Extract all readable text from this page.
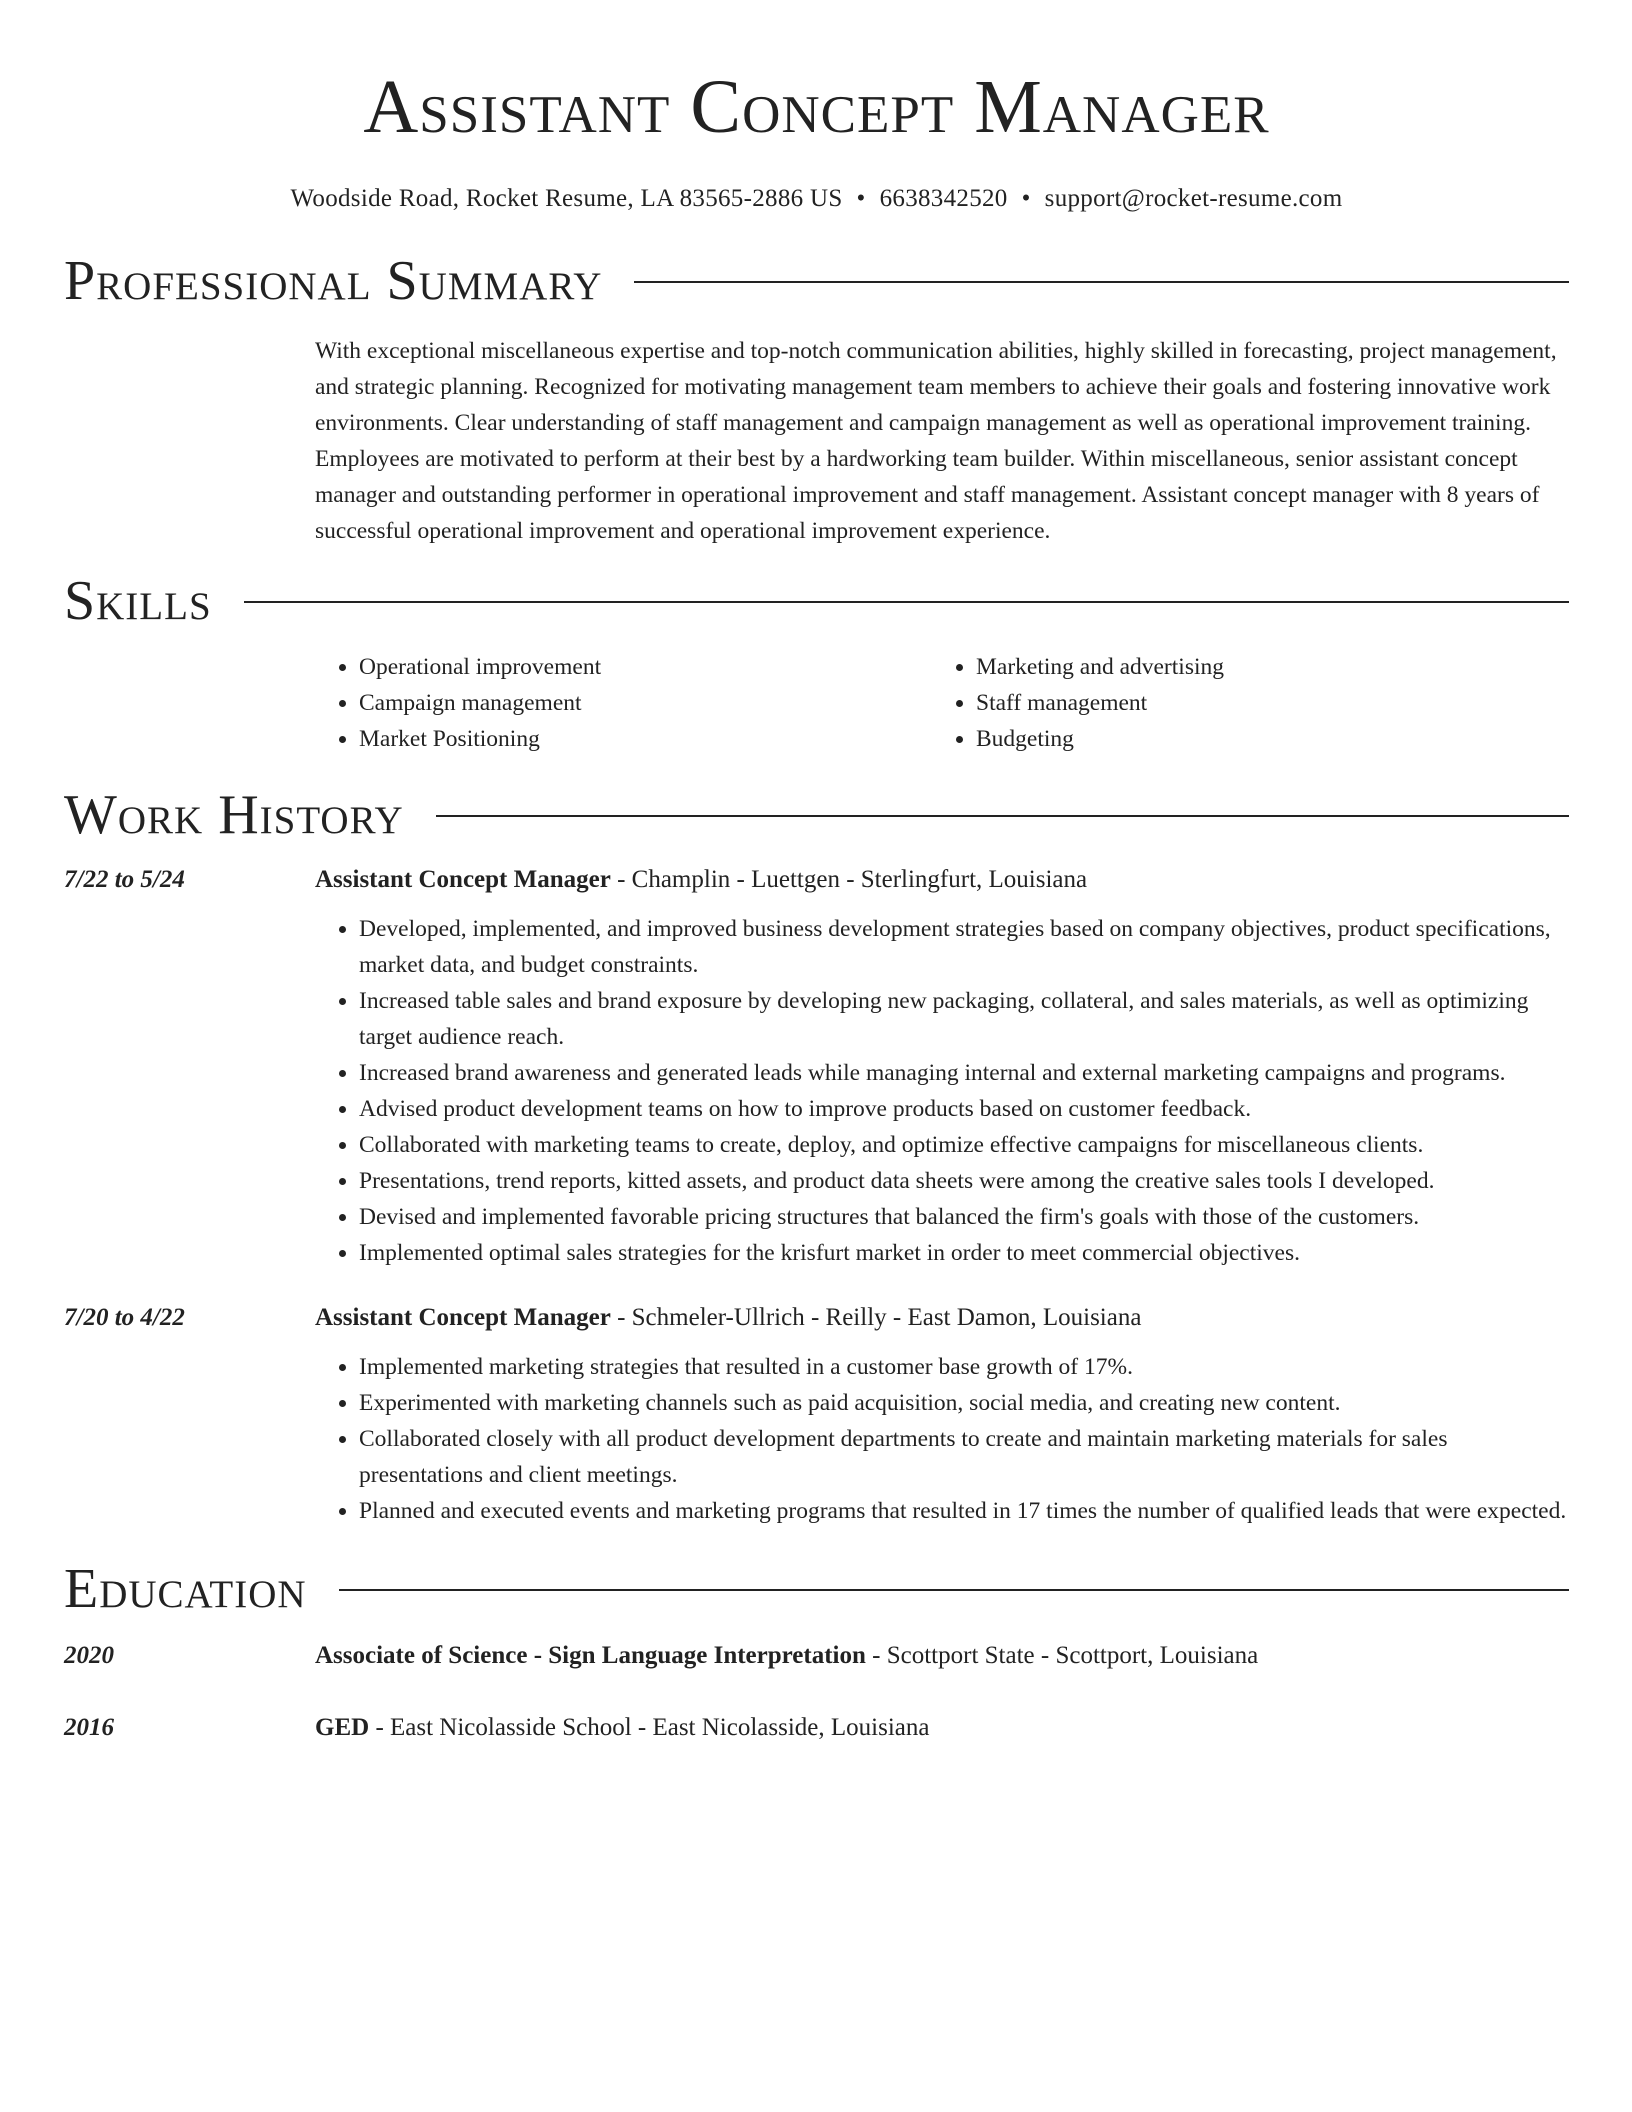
Assistant Concept Manager
Woodside Road, Rocket Resume, LA 83565-2886 US • 6638342520 • support@rocket-resume.com
Professional Summary
With exceptional miscellaneous expertise and top-notch communication abilities, highly skilled in forecasting, project management, and strategic planning. Recognized for motivating management team members to achieve their goals and fostering innovative work environments. Clear understanding of staff management and campaign management as well as operational improvement training. Employees are motivated to perform at their best by a hardworking team builder. Within miscellaneous, senior assistant concept manager and outstanding performer in operational improvement and staff management. Assistant concept manager with 8 years of successful operational improvement and operational improvement experience.
Skills
• Operational improvement
• Campaign management
• Market Positioning
• Marketing and advertising
• Staff management
• Budgeting
Work History
7/22 to 5/24	Assistant Concept Manager - Champlin - Luettgen - Sterlingfurt, Louisiana
• Developed, implemented, and improved business development strategies based on company objectives, product specifications, market data, and budget constraints.
• Increased table sales and brand exposure by developing new packaging, collateral, and sales materials, as well as optimizing target audience reach.
• Increased brand awareness and generated leads while managing internal and external marketing campaigns and programs.
• Advised product development teams on how to improve products based on customer feedback.
• Collaborated with marketing teams to create, deploy, and optimize effective campaigns for miscellaneous clients.
• Presentations, trend reports, kitted assets, and product data sheets were among the creative sales tools I developed.
• Devised and implemented favorable pricing structures that balanced the firm's goals with those of the customers.
• Implemented optimal sales strategies for the krisfurt market in order to meet commercial objectives.
7/20 to 4/22	Assistant Concept Manager - Schmeler-Ullrich - Reilly - East Damon, Louisiana
• Implemented marketing strategies that resulted in a customer base growth of 17%.
• Experimented with marketing channels such as paid acquisition, social media, and creating new content.
• Collaborated closely with all product development departments to create and maintain marketing materials for sales presentations and client meetings.
• Planned and executed events and marketing programs that resulted in 17 times the number of qualified leads that were expected.
Education
2020	Associate of Science - Sign Language Interpretation - Scottport State - Scottport, Louisiana
2016	GED - East Nicolasside School - East Nicolasside, Louisiana
